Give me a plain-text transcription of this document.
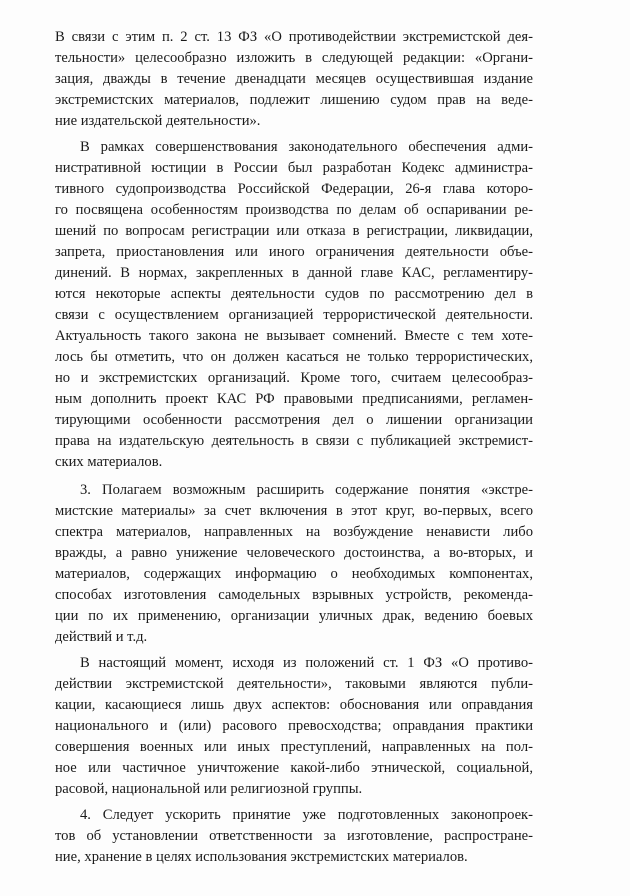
В связи с этим п. 2 ст. 13 ФЗ «О противодействии экстремистской дея-
тельности» целесообразно изложить в следующей редакции: «Органи-
зация, дважды в течение двенадцати месяцев осуществившая издание
экстремистских материалов, подлежит лишению судом прав на веде-
ние издательской деятельности».
В рамках совершенствования законодательного обеспечения адми-
нистративной юстиции в России был разработан Кодекс администра-
тивного судопроизводства Российской Федерации, 26-я глава которо-
го посвящена особенностям производства по делам об оспаривании ре-
шений по вопросам регистрации или отказа в регистрации, ликвидации,
запрета, приостановления или иного ограничения деятельности объе-
динений. В нормах, закрепленных в данной главе КАС, регламентиру-
ются некоторые аспекты деятельности судов по рассмотрению дел в
связи с осуществлением организацией террористической деятельности.
Актуальность такого закона не вызывает сомнений. Вместе с тем хоте-
лось бы отметить, что он должен касаться не только террористических,
но и экстремистских организаций. Кроме того, считаем целесообраз-
ным дополнить проект КАС РФ правовыми предписаниями, регламен-
тирующими особенности рассмотрения дел о лишении организации
права на издательскую деятельность в связи с публикацией экстремист-
ских материалов.
3. Полагаем возможным расширить содержание понятия «экстре-
мистские материалы» за счет включения в этот круг, во-первых, всего
спектра материалов, направленных на возбуждение ненависти либо
вражды, а равно унижение человеческого достоинства, а во-вторых, и
материалов, содержащих информацию о необходимых компонентах,
способах изготовления самодельных взрывных устройств, рекоменда-
ции по их применению, организации уличных драк, ведению боевых
действий и т.д.
В настоящий момент, исходя из положений ст. 1 ФЗ «О противо-
действии экстремистской деятельности», таковыми являются публи-
кации, касающиеся лишь двух аспектов: обоснования или оправдания
национального и (или) расового превосходства; оправдания практики
совершения военных или иных преступлений, направленных на пол-
ное или частичное уничтожение какой-либо этнической, социальной,
расовой, национальной или религиозной группы.
4. Следует ускорить принятие уже подготовленных законопроек-
тов об установлении ответственности за изготовление, распростране-
ние, хранение в целях использования экстремистских материалов.
